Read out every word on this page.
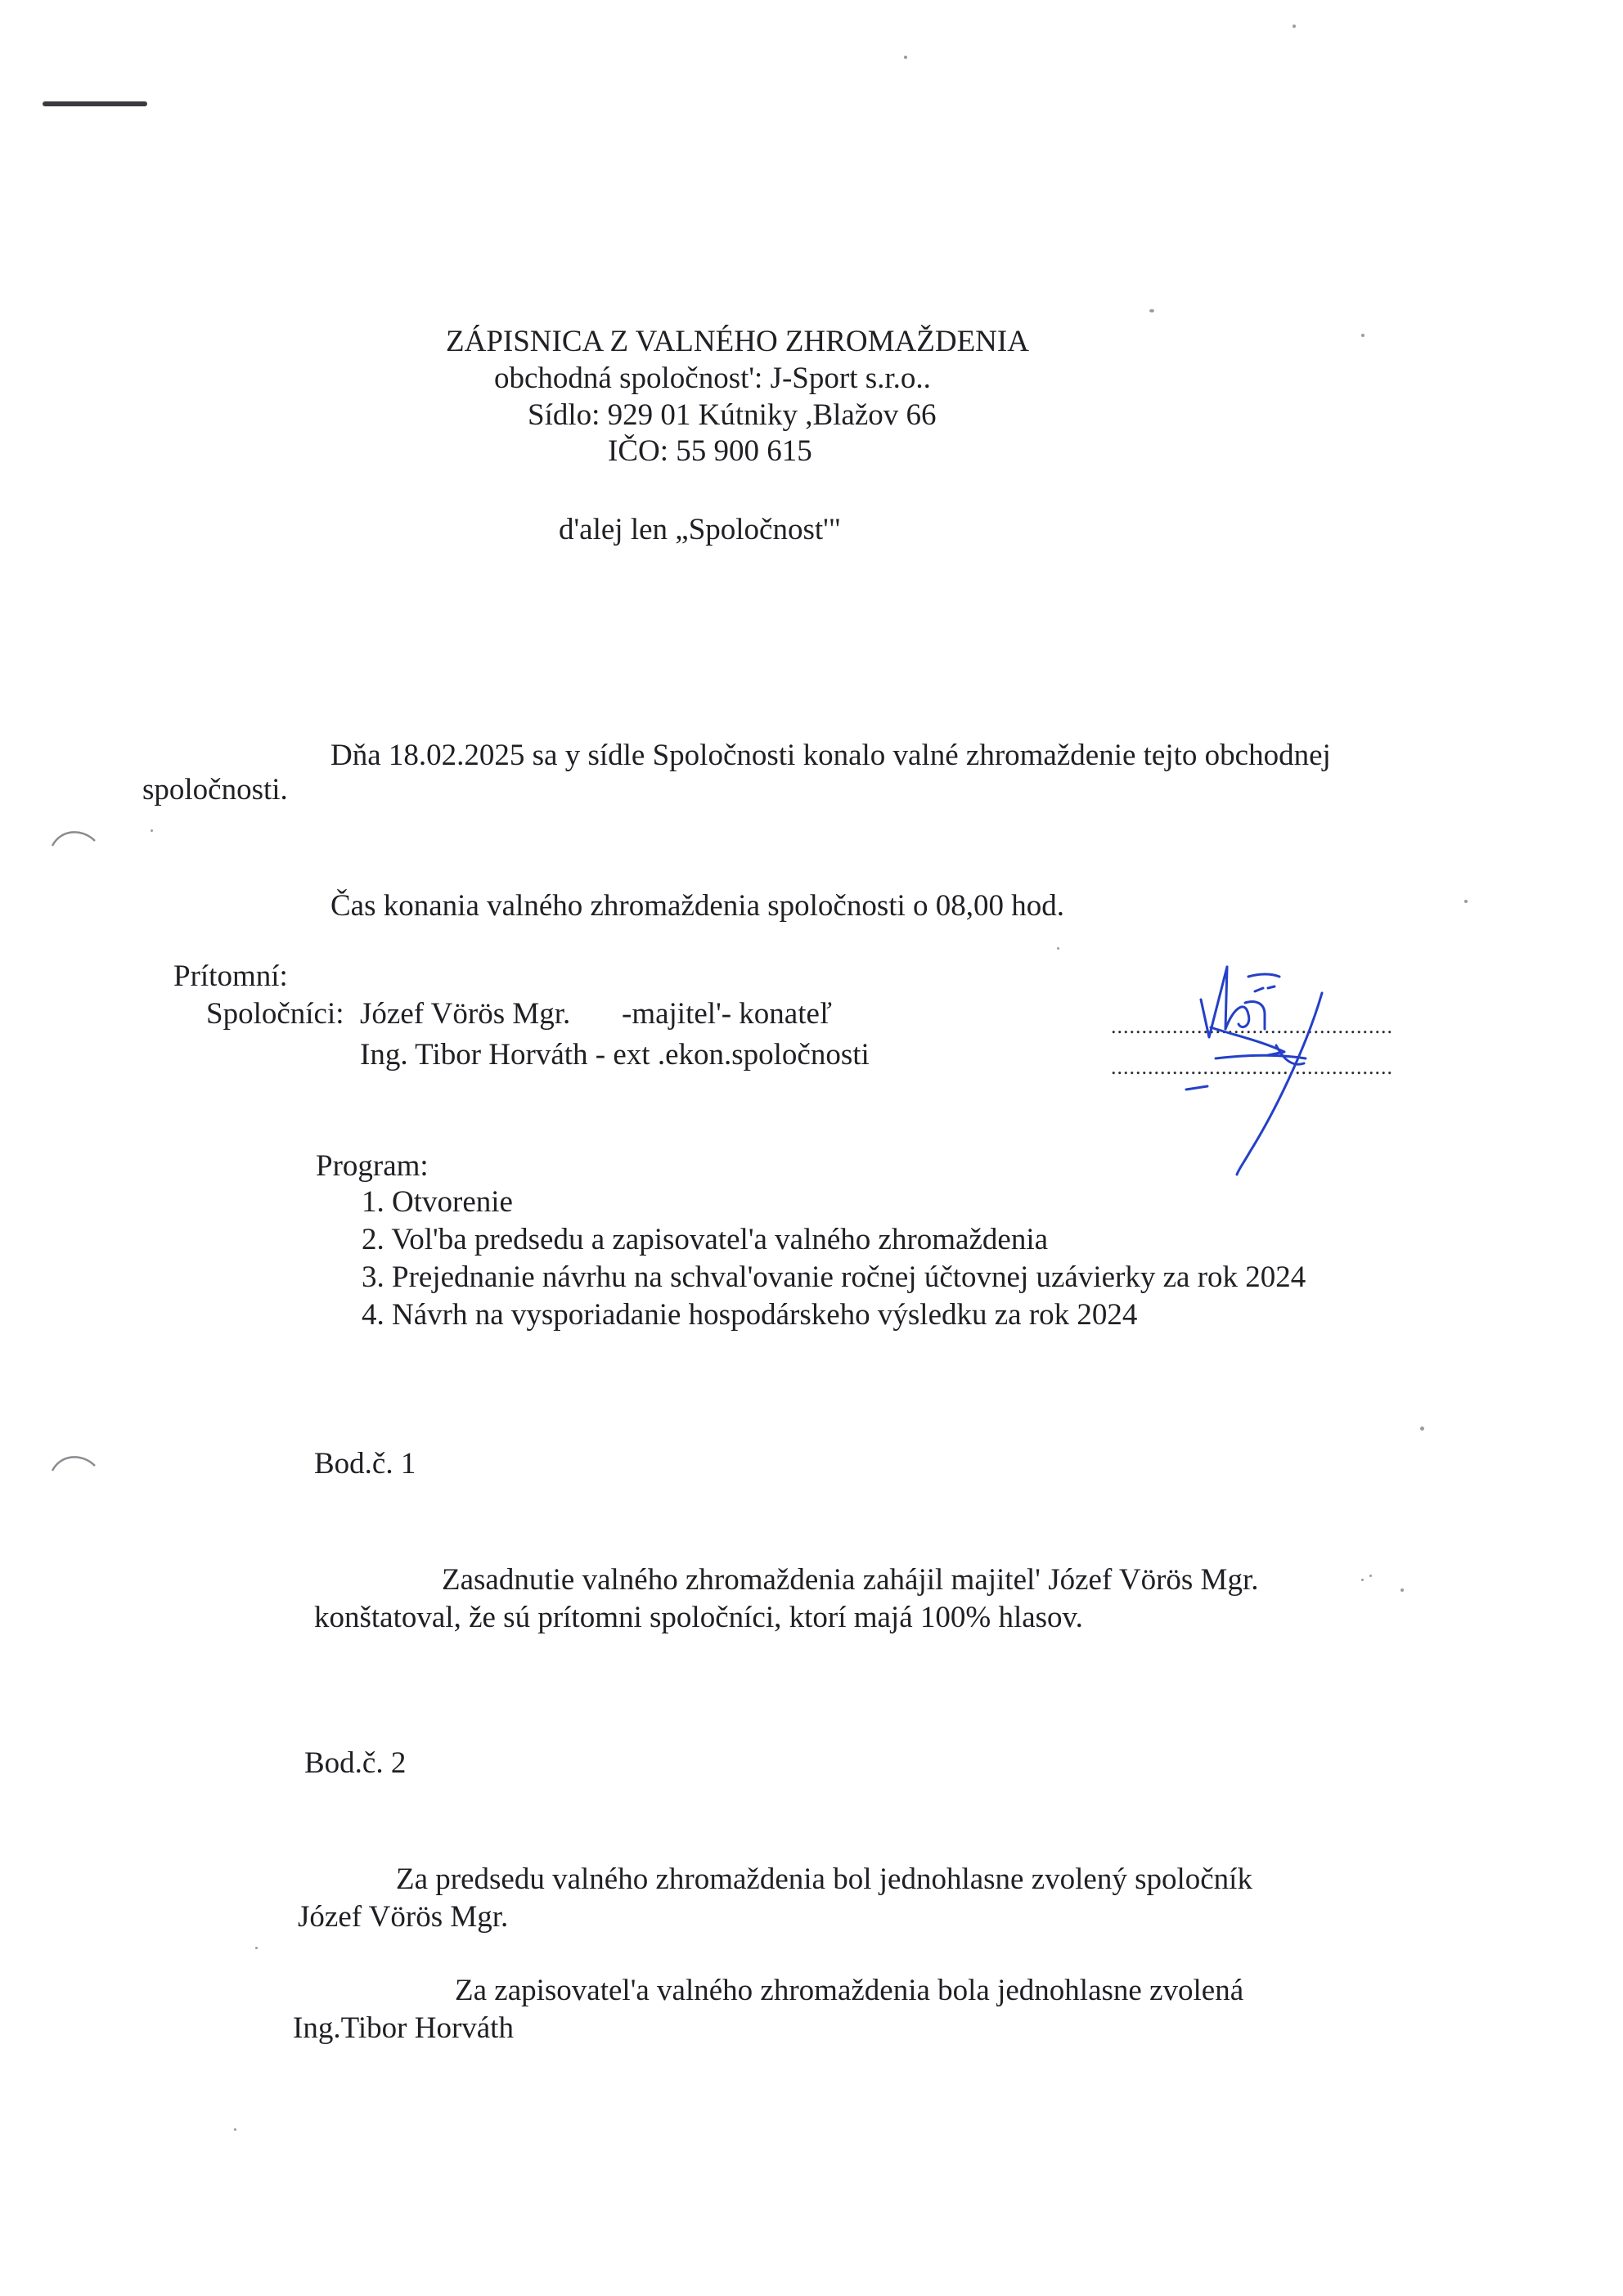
ZÁPISNICA Z VALNÉHO ZHROMAŽDENIA
obchodná spoločnost': J-Sport s.r.o..
Sídlo: 929 01 Kútniky ,Blažov 66
IČO: 55 900 615
d'alej len „Spoločnost'"
Dňa 18.02.2025 sa y sídle Spoločnosti konalo valné zhromaždenie tejto obchodnej
spoločnosti.
Čas konania valného zhromaždenia spoločnosti o 08,00 hod.
Prítomní:
Spoločníci: Józef Vörös Mgr. -majitel'- konateľ
Ing. Tibor Horváth - ext .ekon.spoločnosti
..............................................
..............................................
Program:
1. Otvorenie
2. Vol'ba predsedu a zapisovatel'a valného zhromaždenia
3. Prejednanie návrhu na schval'ovanie ročnej účtovnej uzávierky za rok 2024
4. Návrh na vysporiadanie hospodárskeho výsledku za rok 2024
Bod.č. 1
Zasadnutie valného zhromaždenia zahájil majitel' Józef Vörös Mgr.
konštatoval, že sú prítomni spoločníci, ktorí majá 100% hlasov.
Bod.č. 2
Za predsedu valného zhromaždenia bol jednohlasne zvolený spoločník
Józef Vörös Mgr.
Za zapisovatel'a valného zhromaždenia bola jednohlasne zvolená
Ing.Tibor Horváth
